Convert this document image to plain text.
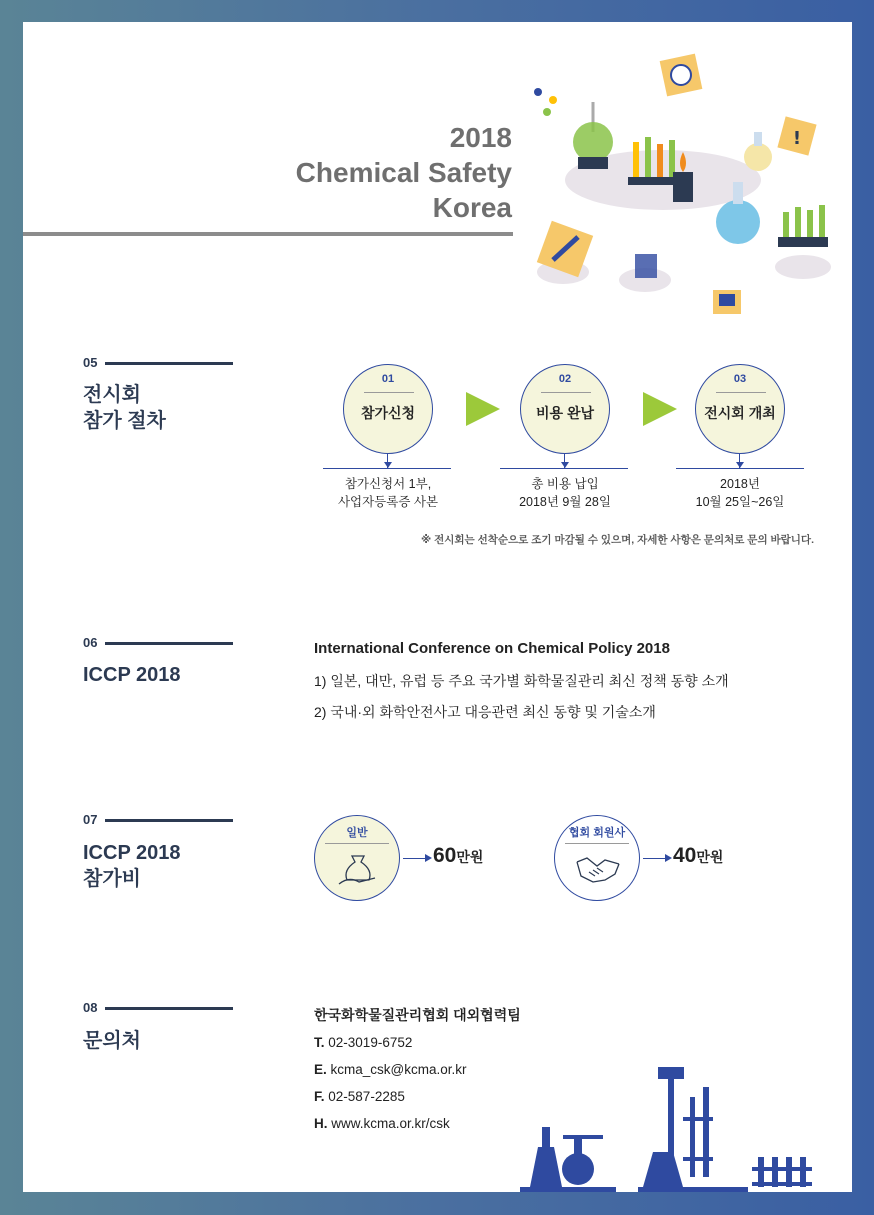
2018
Chemical Safety
Korea
!
05
전시회
참가 절차
01
참가신청
02
비용 완납
03
전시회 개최
참가신청서 1부,
사업자등록증 사본
총 비용 납입
2018년 9월 28일
2018년
10월 25일~26일
※ 전시회는 선착순으로 조기 마감될 수 있으며, 자세한 사항은 문의처로 문의 바랍니다.
06
ICCP 2018
International Conference on Chemical Policy 2018
1) 일본, 대만, 유럽 등 주요 국가별 화학물질관리 최신 정책 동향 소개
2) 국내·외 화학안전사고 대응관련 최신 동향 및 기술소개
07
ICCP 2018
참가비
일반
60만원
협회 회원사
40만원
08
문의처
한국화학물질관리협회 대외협력팀
T. 02-3019-6752
E. kcma_csk@kcma.or.kr
F. 02-587-2285
H. www.kcma.or.kr/csk
